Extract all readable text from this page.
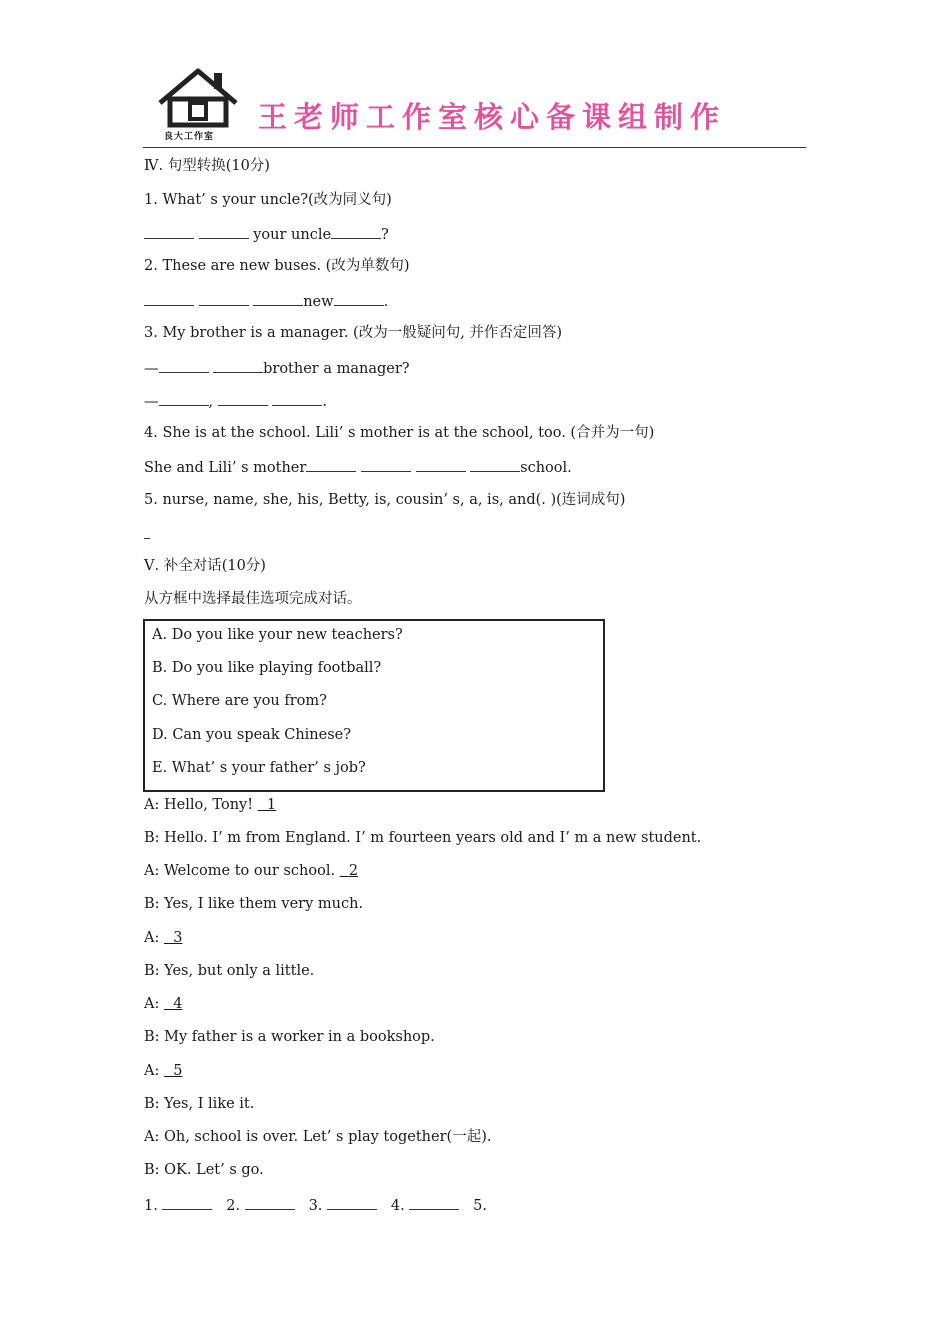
良大工作室
王老师工作室核心备课组制作
Ⅳ. 句型转换(10分)
1. What’ s your uncle?(改为同义句)
your uncle	?
2. These are new buses. (改为单数句)
new	.
3. My brother is a manager. (改为一般疑问句, 并作否定回答)
—	brother a manager?
—	,	.
4. She is at the school. Lili’ s mother is at the school, too. (合并为一句)
She and Lili’ s mother	school.
5. nurse, name, she, his, Betty, is, cousin’ s, a, is, and(. )(连词成句)
Ⅴ. 补全对话(10分)
从方框中选择最佳选项完成对话。
A. Do you like your new teachers?
B. Do you like playing football?
C. Where are you from?
D. Can you speak Chinese?
E. What’ s your father’ s job?
A: Hello, Tony!   1
B: Hello. I’ m from England. I’ m fourteen years old and I’ m a new student.
A: Welcome to our school.   2
B: Yes, I like them very much.
A:   3
B: Yes, but only a little.
A:   4
B: My father is a worker in a bookshop.
A:   5
B: Yes, I like it.
A: Oh, school is over. Let’ s play together(一起).
B: OK. Let’ s go.
1.	2.	3.	4.	5.
